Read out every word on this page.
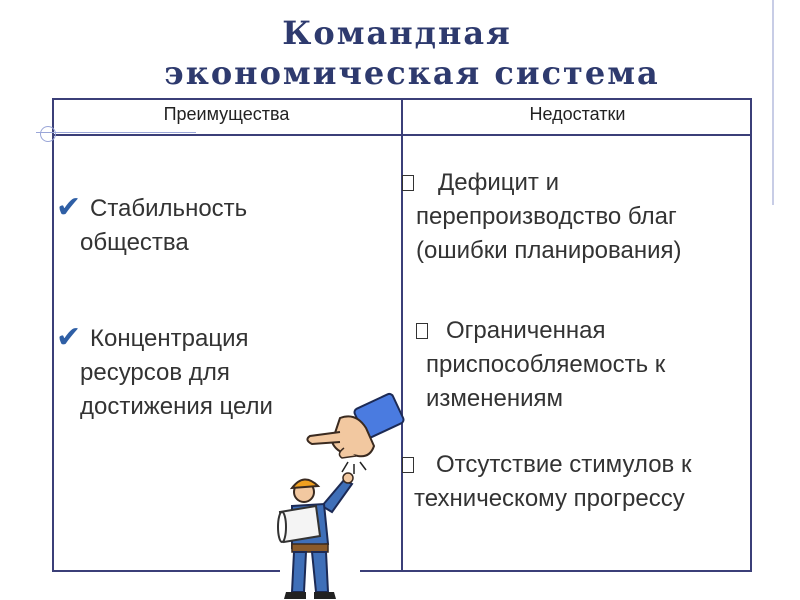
Командная
экономическая система
Преимущества	Недостатки
✔ Стабильность общества
✔ Концентрация ресурсов для достижения цели
Дефицит и перепроизводство благ (ошибки планирования)
Ограниченная приспособляемость к изменениям
Отсутствие стимулов к техническому прогрессу
